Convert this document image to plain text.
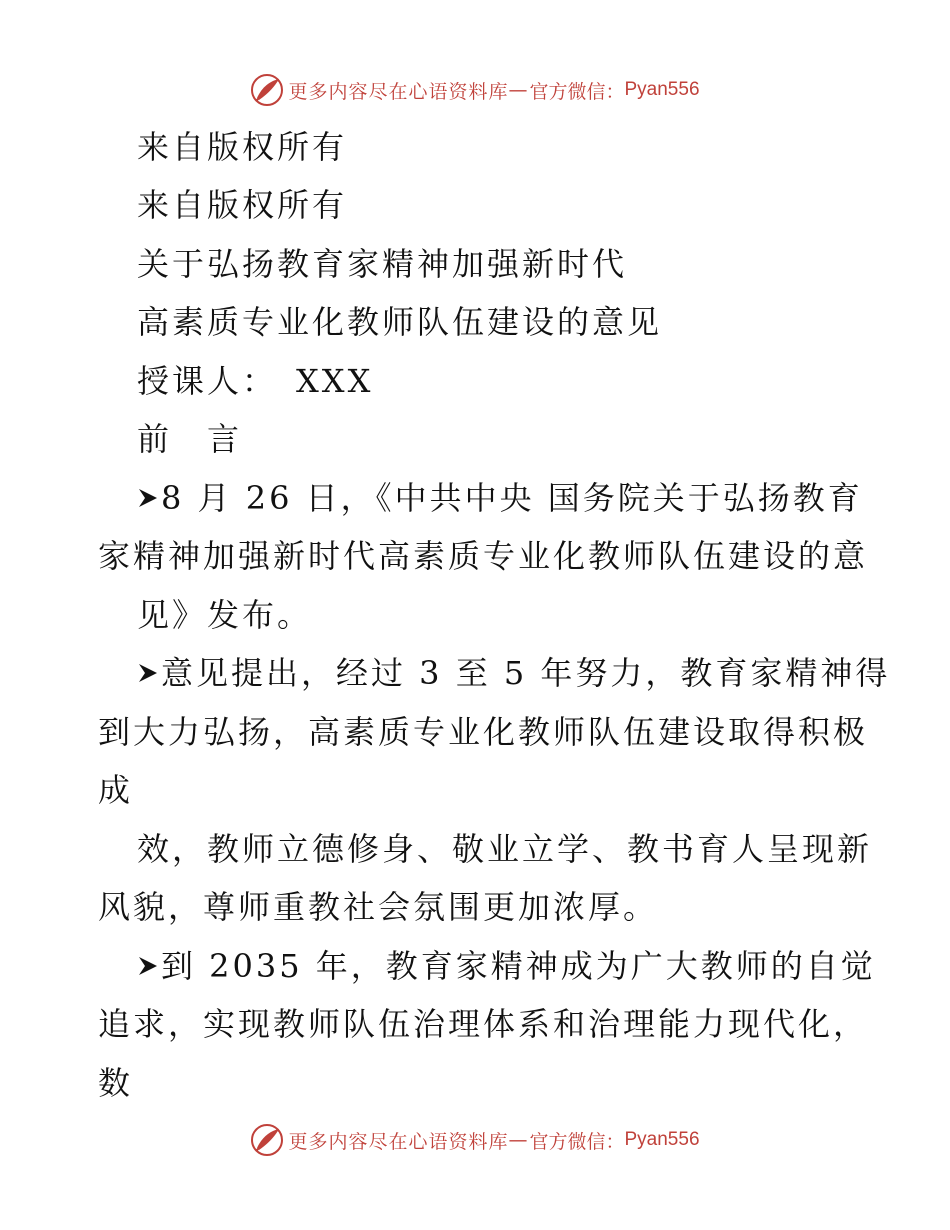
更多内容尽在心语资料库 — 官方微信： Pyan556
来自版权所有
来自版权所有
关于弘扬教育家精神加强新时代
高素质专业化教师队伍建设的意见
授课人：　XXX
前　言
8 月 26 日，《中共中央 国务院关于弘扬教育
家精神加强新时代高素质专业化教师队伍建设的意
见》发布。
意见提出，经过 3 至 5 年努力，教育家精神得
到大力弘扬，高素质专业化教师队伍建设取得积极
成
效，教师立德修身、敬业立学、教书育人呈现新
风貌，尊师重教社会氛围更加浓厚。
到 2035 年，教育家精神成为广大教师的自觉
追求，实现教师队伍治理体系和治理能力现代化，
数
更多内容尽在心语资料库 — 官方微信： Pyan556
